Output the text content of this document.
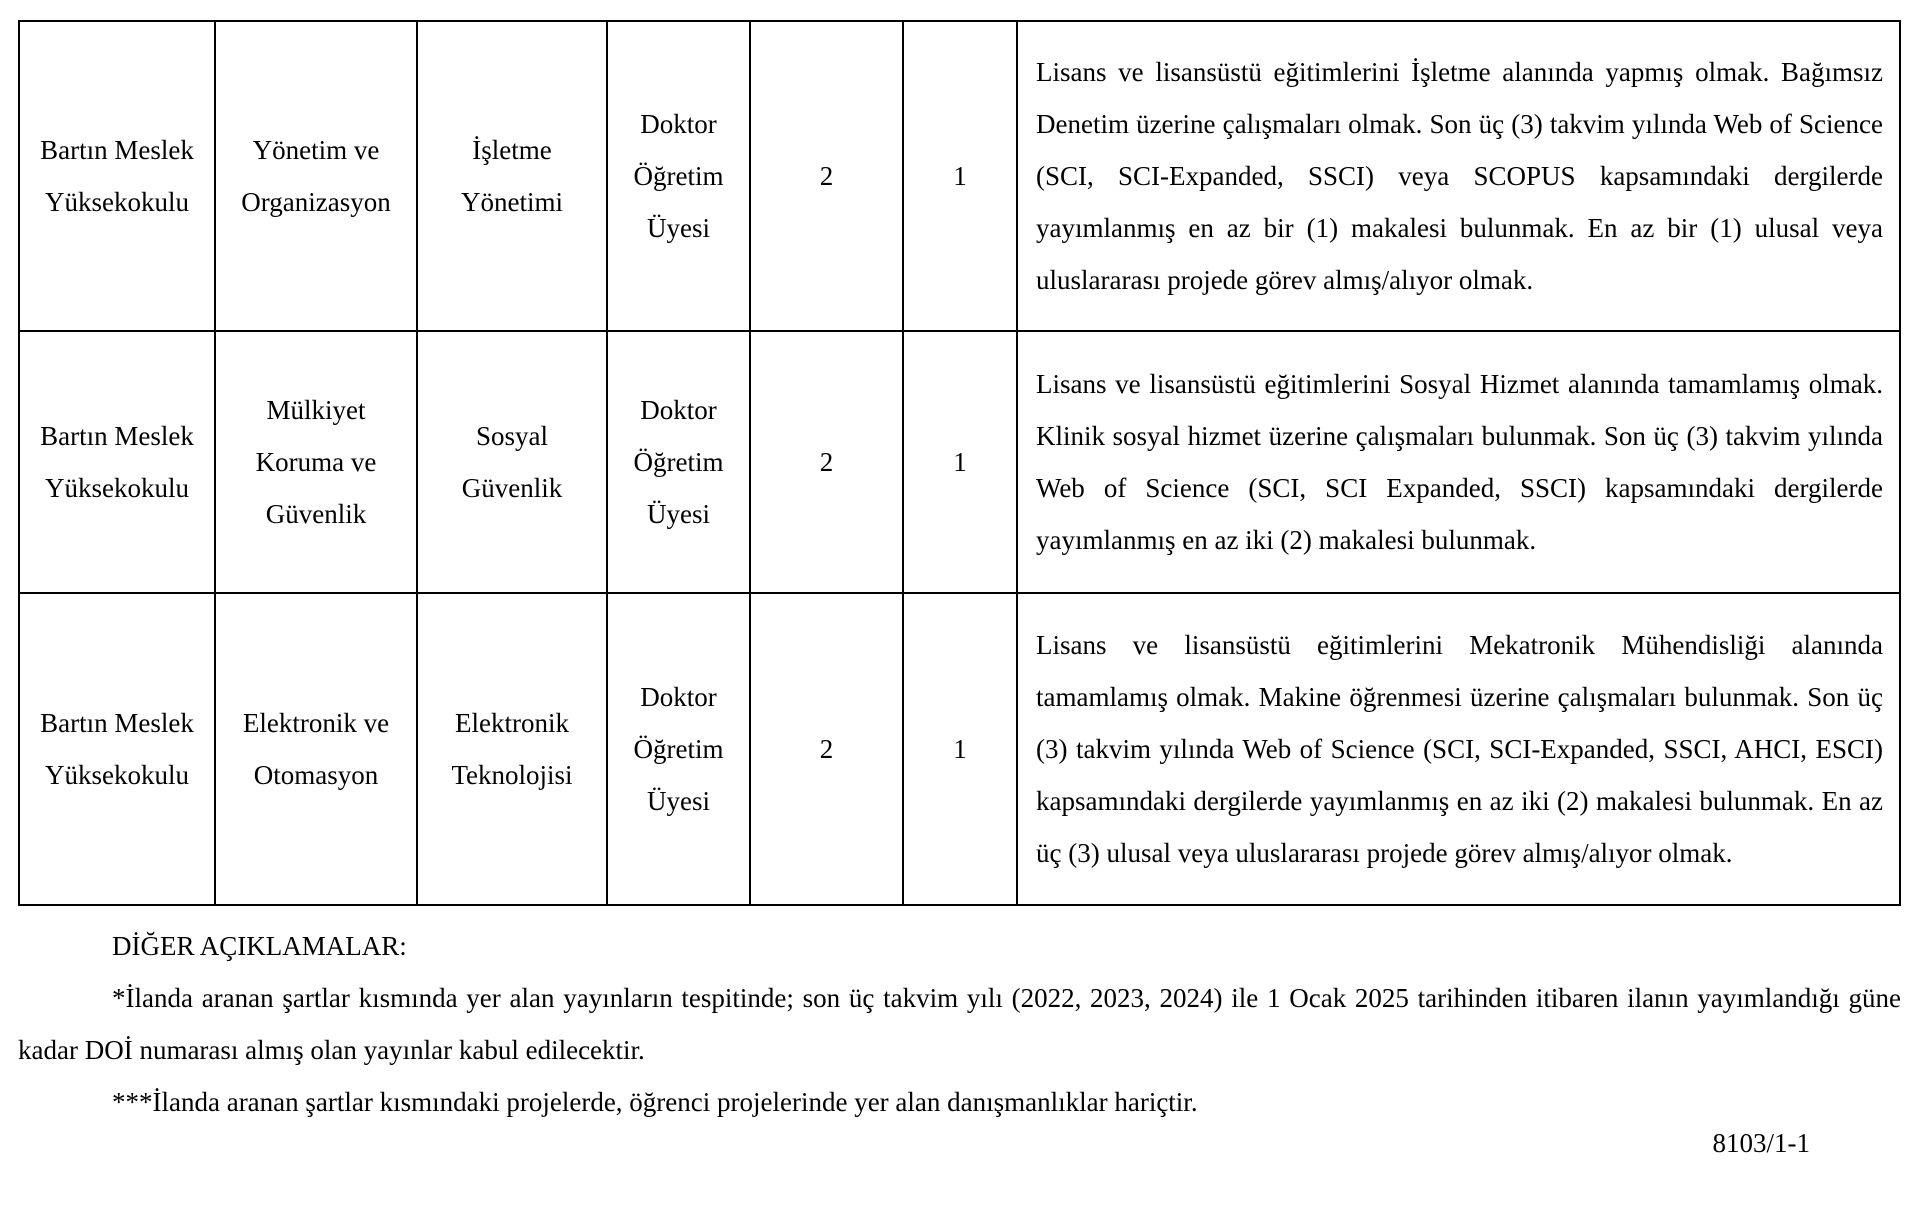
Bartın Meslek Yüksekokulu	Yönetim ve Organizasyon	İşletme Yönetimi	Doktor Öğretim Üyesi	2	1	Lisans ve lisansüstü eğitimlerini İşletme alanında yapmış olmak. Bağımsız Denetim üzerine çalışmaları olmak. Son üç (3) takvim yılında Web of Science (SCI, SCI-Expanded, SSCI) veya SCOPUS kapsamındaki dergilerde yayımlanmış en az bir (1) makalesi bulunmak. En az bir (1) ulusal veya uluslararası projede görev almış/alıyor olmak.
Bartın Meslek Yüksekokulu	Mülkiyet Koruma ve Güvenlik	Sosyal Güvenlik	Doktor Öğretim Üyesi	2	1	Lisans ve lisansüstü eğitimlerini Sosyal Hizmet alanında tamamlamış olmak. Klinik sosyal hizmet üzerine çalışmaları bulunmak. Son üç (3) takvim yılında Web of Science (SCI, SCI Expanded, SSCI) kapsamındaki dergilerde yayımlanmış en az iki (2) makalesi bulunmak.
Bartın Meslek Yüksekokulu	Elektronik ve Otomasyon	Elektronik Teknolojisi	Doktor Öğretim Üyesi	2	1	Lisans ve lisansüstü eğitimlerini Mekatronik Mühendisliği alanında tamamlamış olmak. Makine öğrenmesi üzerine çalışmaları bulunmak. Son üç (3) takvim yılında Web of Science (SCI, SCI-Expanded, SSCI, AHCI, ESCI) kapsamındaki dergilerde yayımlanmış en az iki (2) makalesi bulunmak. En az üç (3) ulusal veya uluslararası projede görev almış/alıyor olmak.
DİĞER AÇIKLAMALAR:
*İlanda aranan şartlar kısmında yer alan yayınların tespitinde; son üç takvim yılı (2022, 2023, 2024) ile 1 Ocak 2025 tarihinden itibaren ilanın yayımlandığı güne kadar DOİ numarası almış olan yayınlar kabul edilecektir.
***İlanda aranan şartlar kısmındaki projelerde, öğrenci projelerinde yer alan danışmanlıklar hariçtir.
8103/1-1
